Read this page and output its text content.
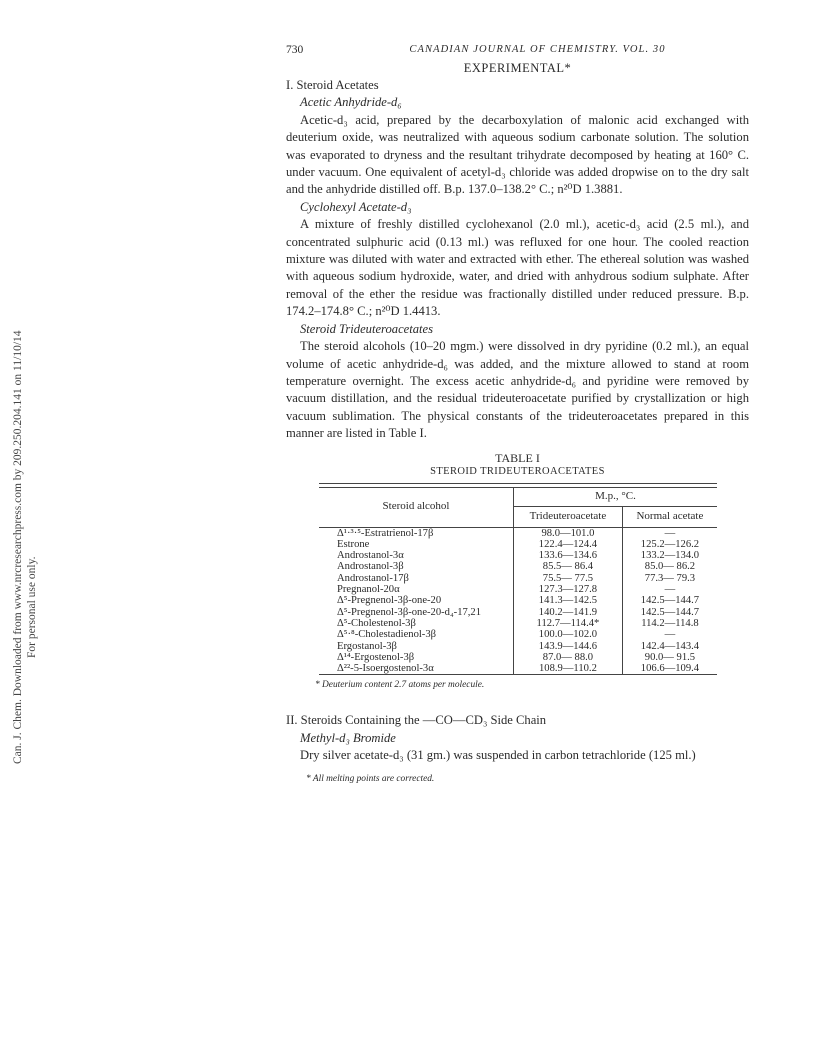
Can. J. Chem. Downloaded from www.nrcresearchpress.com by 209.250.204.141 on 11/10/14 For personal use only.
730	CANADIAN JOURNAL OF CHEMISTRY. VOL. 30
EXPERIMENTAL*

I. Steroid Acetates

Acetic Anhydride-d₆

Acetic-d₃ acid, prepared by the decarboxylation of malonic acid exchanged with deuterium oxide, was neutralized with aqueous sodium carbonate solution. The solution was evaporated to dryness and the resultant trihydrate decomposed by heating at 160° C. under vacuum. One equivalent of acetyl-d₃ chloride was added dropwise on to the dry salt and the anhydride distilled off. B.p. 137.0–138.2° C.; n²⁰D 1.3881.

Cyclohexyl Acetate-d₃

A mixture of freshly distilled cyclohexanol (2.0 ml.), acetic-d₃ acid (2.5 ml.), and concentrated sulphuric acid (0.13 ml.) was refluxed for one hour. The cooled reaction mixture was diluted with water and extracted with ether. The ethereal solution was washed with aqueous sodium hydroxide, water, and dried with anhydrous sodium sulphate. After removal of the ether the residue was fractionally distilled under reduced pressure. B.p. 174.2–174.8° C.; n²⁰D 1.4413.

Steroid Trideuteroacetates

The steroid alcohols (10–20 mgm.) were dissolved in dry pyridine (0.2 ml.), an equal volume of acetic anhydride-d₆ was added, and the mixture allowed to stand at room temperature overnight. The excess acetic anhydride-d₆ and pyridine were removed by vacuum distillation, and the residual trideuteroacetate purified by crystallization or high vacuum sublimation. The physical constants of the trideuteroacetates prepared in this manner are listed in Table I.

TABLE I
STEROID TRIDEUTEROACETATES

Steroid alcohol	M.p., °C.	
	Trideuteroacetate	Normal acetate

Δ¹·³·⁵-Estratrienol-17β	98.0—101.0	—
Estrone	122.4—124.4	125.2—126.2
Androstanol-3α	133.6—134.6	133.2—134.0
Androstanol-3β	85.5— 86.4	85.0— 86.2
Androstanol-17β	75.5— 77.5	77.3— 79.3
Pregnanol-20α	127.3—127.8	—
Δ⁵-Pregnenol-3β-one-20	141.3—142.5	142.5—144.7
Δ⁵-Pregnenol-3β-one-20-d₄-17,21	140.2—141.9	142.5—144.7
Δ⁵-Cholestenol-3β	112.7—114.4*	114.2—114.8
Δ⁵·⁸-Cholestadienol-3β	100.0—102.0	—
Ergostanol-3β	143.9—144.6	142.4—143.4
Δ¹⁴-Ergostenol-3β	87.0— 88.0	90.0— 91.5
Δ²²-5-Isoergostenol-3α	108.9—110.2	106.6—109.4

* Deuterium content 2.7 atoms per molecule.

II. Steroids Containing the —CO—CD₃ Side Chain

Methyl-d₃ Bromide

Dry silver acetate-d₃ (31 gm.) was suspended in carbon tetrachloride (125 ml.)

* All melting points are corrected.
